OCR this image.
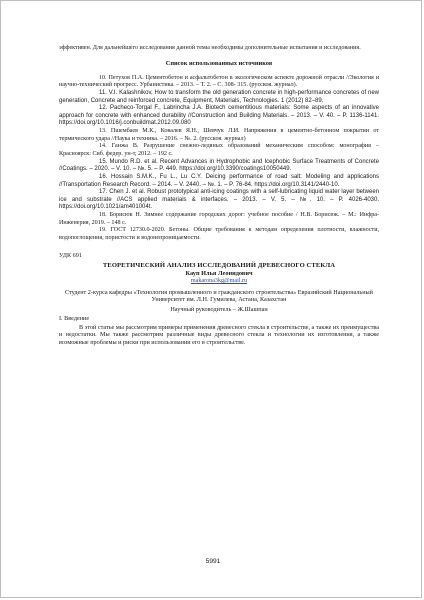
эффективен. Для дальнейшего исследования данной темы необходимы дополнительные испытания и исследования.

Список использованных источников

10. Петухов П.А. Цементобетон и асфальтобетон в экологическом аспекте дорожной отрасли //Экология и научно-технический прогресс. Урбанистика. – 2013. – Т. 2. – С. 308- 315. (русскоя. журнал).

11. V.I. Kalashnikov, How to transform the old generation concrete in high-performance concretes of new generation, Concrete and reinforced concrete, Equipment, Materials, Technologies. 1 (2012) 82–89.

12. Pacheco-Torgal F., Labrincha J.A. Biotech cementitious materials: Some aspects of an innovative approach for concrete with enhanced durability //Construction and Building Materials. – 2013. – V. 40. – P. 1136-1141. https://doi.org/10.1016/j.conbuildmat.2012.09.080

13. Пшембаев М.К., Ковалев Я.Н., Шевчук Л.И. Напряжения в цементно-бетонном покрытии от термического удара //Наука и техника. – 2016. – №. 2. (русскоя. журнал)

14. Ганжа В. Разрушение снежно-ледяных образований механическим способом: монография – Красноярск: Сиб. федер. ун-т, 2012. – 192 с.

15. Mundo R.D. et al. Recent Advances in Hydrophobic and Icephobic Surface Treatments of Concrete //Coatings. – 2020. – V. 10. – №. 5. – P. 449. https://doi.org/10.3390/coatings10050449.

16. Hossain S.M.K., Fu L., Lu C.Y. Deicing performance of road salt: Modeling and applications //Transportation Research Record. – 2014. – V. 2440. – №. 1. – P. 76-84. https://doi.org/10.3141/2440-10.

17. Chen J. et al. Robust prototypical anti-icing coatings with a self-lubricating liquid water layer between ice and substrate //ACS applied materials & interfaces. – 2013. – V. 5. – №. 10. – P. 4026-4030. https://doi.org/10.1021/am401004t.

18. Борисюк Н. Зимнее содержание городских дорог: учебное пособие / Н.В. Борисюк. – М.: Инфра-Инженерия, 2019. – 148 с.

19. ГОСТ 12730.0-2020. Бетоны. Общие требования к методам определения плотности, влажности, водопоглощения, пористости и водонепроницаемости.

УДК 691
ТЕОРЕТИЧЕСКИЙ АНАЛИЗ ИССЛЕДОВАНИЙ ДРЕВЕСНОГО СТЕКЛА
Кауп Илья Леонидович
makarona3kg@mail.ru
Студент 2-курса кафедры «Технология промышленного и гражданского строительства» Евразийский Национальный Университет им. Л.Н. Гумилева, Астана, Казахстан
Научный руководитель – Ж.Шашпан
I. Введение

В этой статье мы рассмотрим примеры применения древесного стекла в строительстве, а также их преимущества и недостатки. Мы также рассмотрим различные виды древесного стекла и технологии их изготовления, а также возможные проблемы и риски при использовании его в строительстве.

5991
